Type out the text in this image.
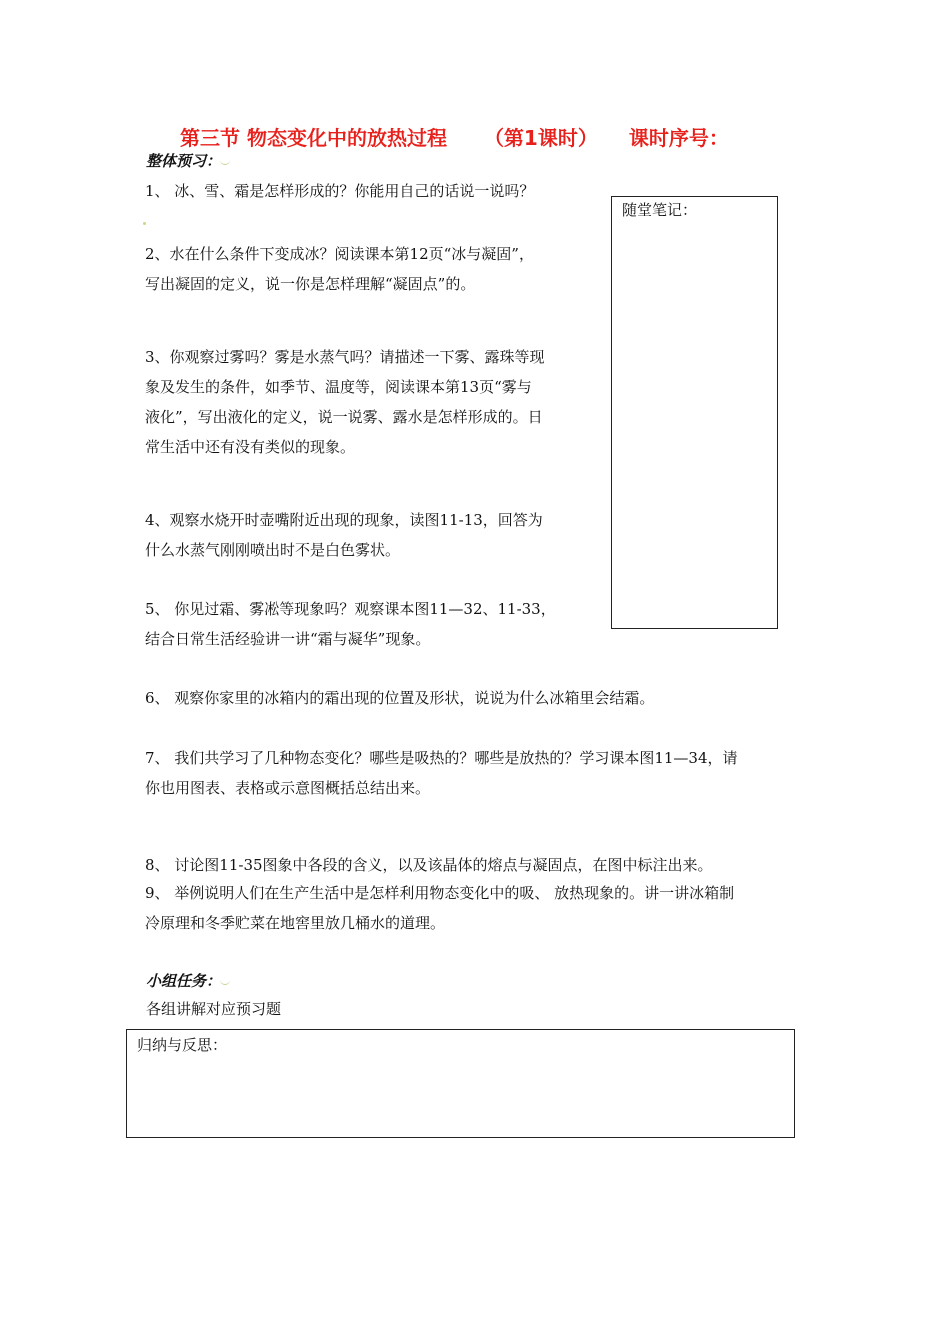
第三节 物态变化中的放热过程 （第1课时） 课时序号：
整体预习：
1、 冰、雪、霜是怎样形成的？你能用自己的话说一说吗？
2、水在什么条件下变成冰？阅读课本第12页“冰与凝固”，
写出凝固的定义，说一你是怎样理解“凝固点”的。
3、你观察过雾吗？雾是水蒸气吗？请描述一下雾、露珠等现
象及发生的条件，如季节、温度等，阅读课本第13页“雾与
液化”，写出液化的定义，说一说雾、露水是怎样形成的。日
常生活中还有没有类似的现象。
4、观察水烧开时壶嘴附近出现的现象，读图11-13，回答为
什么水蒸气刚刚喷出时不是白色雾状。
5、 你见过霜、雾凇等现象吗？观察课本图11—32、11-33，
结合日常生活经验讲一讲“霜与凝华”现象。
6、 观察你家里的冰箱内的霜出现的位置及形状，说说为什么冰箱里会结霜。
7、 我们共学习了几种物态变化？哪些是吸热的？哪些是放热的？学习课本图11—34，请
你也用图表、表格或示意图概括总结出来。
8、 讨论图11-35图象中各段的含义，以及该晶体的熔点与凝固点，在图中标注出来。
9、 举例说明人们在生产生活中是怎样利用物态变化中的吸、 放热现象的。讲一讲冰箱制
冷原理和冬季贮菜在地窖里放几桶水的道理。
随堂笔记：
小组任务：
各组讲解对应预习题
归纳与反思：
